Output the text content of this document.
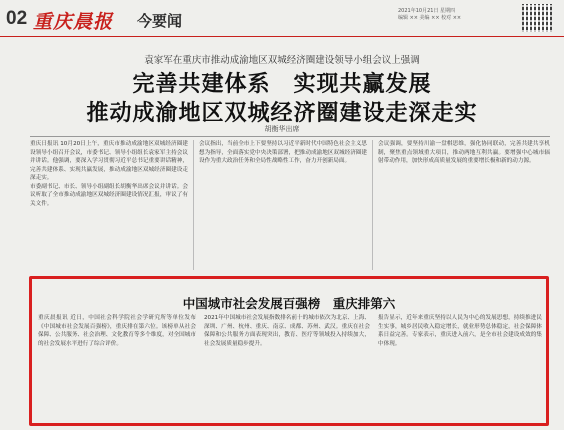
02 重庆晨报 今要闻
2021年10月21日 星期四
编辑 ×× 美编 ×× 校对 ××
袁家军在重庆市推动成渝地区双城经济圈建设领导小组会议上强调
完善共建体系　实现共赢发展
推动成渝地区双城经济圈建设走深走实
胡衡华出席
重庆日报讯 10月20日上午，重庆市推动成渝地区双城经济圈建设领导小组召开会议，市委书记、领导小组组长袁家军主持会议并讲话。他强调，要深入学习贯彻习近平总书记重要讲话精神，完善共建体系、实现共赢发展，推动成渝地区双城经济圈建设走深走实。
市委副书记、市长、领导小组副组长胡衡华出席会议并讲话。会议听取了全市推动成渝地区双城经济圈建设情况汇报，审议了有关文件。
会议指出，当前全市上下要坚持以习近平新时代中国特色社会主义思想为指导，全面落实党中央决策部署，把推动成渝地区双城经济圈建设作为重大政治任务和全局性战略性工作，奋力开创新局面。
会议强调，要坚持川渝一盘棋思维，强化协同联动，完善共建共享机制，聚焦重点领域重大项目，推动两地互利共赢。要增强中心城市辐射带动作用，加快形成高质量发展的重要增长极和新的动力源。
中国城市社会发展百强榜　重庆排第六
重庆晨报讯 近日，中国社会科学院社会学研究所等单位发布《中国城市社会发展百强榜》，重庆排在第六位。该榜单从社会保障、公共服务、社会治理、文化教育等多个维度，对全国城市的社会发展水平进行了综合评价。
2021年中国城市社会发展指数排名前十的城市依次为北京、上海、深圳、广州、杭州、重庆、南京、成都、苏州、武汉。重庆在社会保障和公共服务方面表现突出，教育、医疗等领域投入持续加大，社会发展质量稳步提升。
报告显示，近年来重庆坚持以人民为中心的发展思想，持续推进民生实事，城乡居民收入稳定增长，就业形势总体稳定，社会保障体系日益完善。专家表示，重庆进入前六，是全市社会建设成效的集中体现。
